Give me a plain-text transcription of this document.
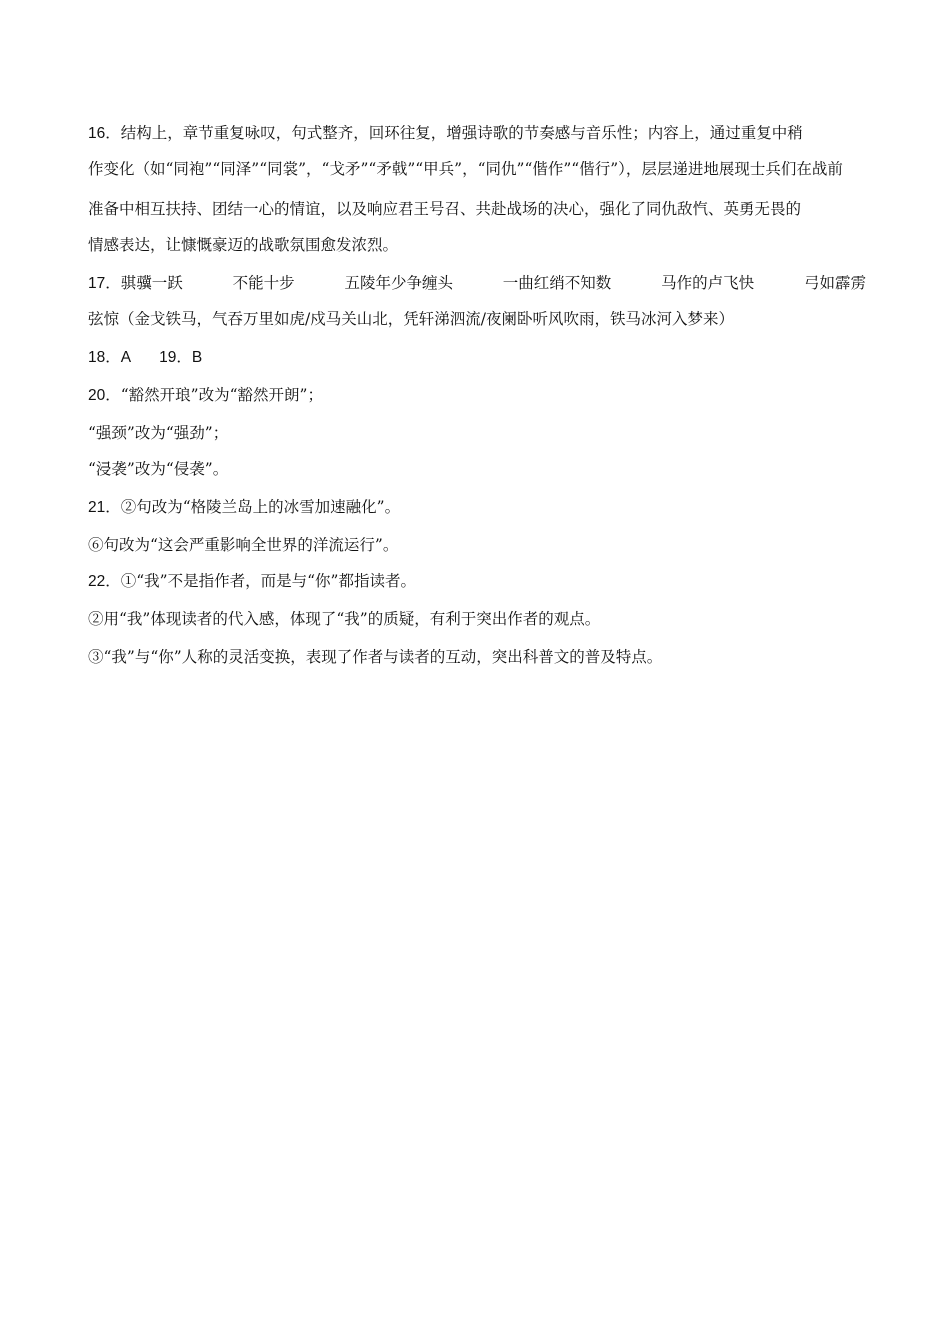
16．结构上，章节重复咏叹，句式整齐，回环往复，增强诗歌的节奏感与音乐性；内容上，通过重复中稍

作变化（如“同袍”“同泽”“同裳”，“戈矛”“矛戟”“甲兵”，“同仇”“偕作”“偕行”），层层递进地展现士兵们在战前

准备中相互扶持、团结一心的情谊，以及响应君王号召、共赴战场的决心，强化了同仇敌忾、英勇无畏的

情感表达，让慷慨豪迈的战歌氛围愈发浓烈。

17．骐骥一跃	不能十步	五陵年少争缠头	一曲红绡不知数	马作的卢飞快	弓如霹雳

弦惊（金戈铁马，气吞万里如虎/戍马关山北，凭轩涕泗流/夜阑卧听风吹雨，铁马冰河入梦来）

18．A 19．B

20．“豁然开琅”改为“豁然开朗”；

“强颈”改为“强劲”；

“浸袭”改为“侵袭”。

21．②句改为“格陵兰岛上的冰雪加速融化”。

⑥句改为“这会严重影响全世界的洋流运行”。

22．①“我”不是指作者，而是与“你”都指读者。

②用“我”体现读者的代入感，体现了“我”的质疑，有利于突出作者的观点。

③“我”与“你”人称的灵活变换，表现了作者与读者的互动，突出科普文的普及特点。
